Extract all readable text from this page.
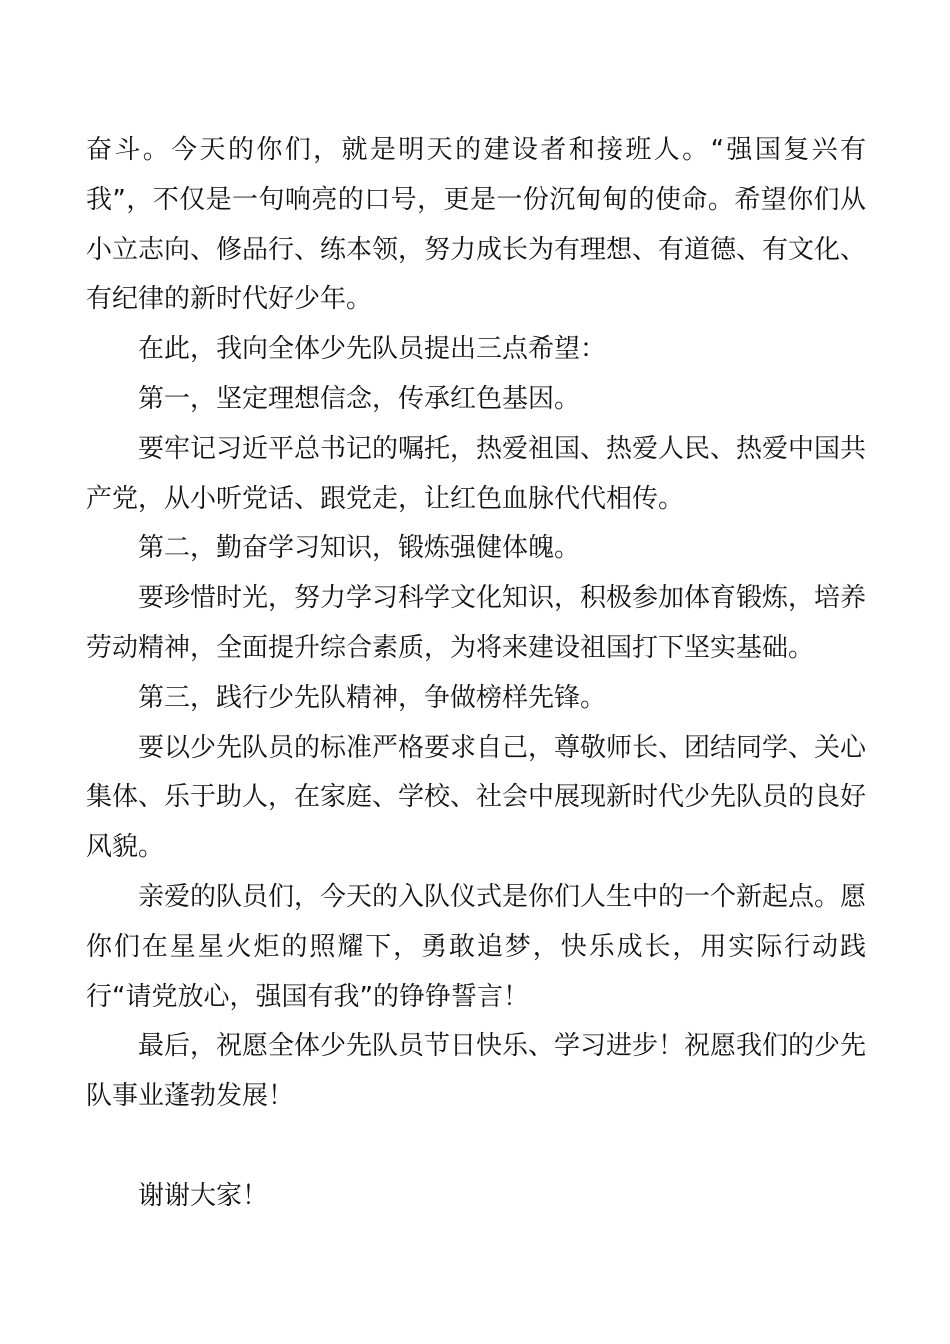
奋斗。今天的你们，就是明天的建设者和接班人。“强国复兴有我”，不仅是一句响亮的口号，更是一份沉甸甸的使命。希望你们从小立志向、修品行、练本领，努力成长为有理想、有道德、有文化、有纪律的新时代好少年。

在此，我向全体少先队员提出三点希望：

第一，坚定理想信念，传承红色基因。

要牢记习近平总书记的嘱托，热爱祖国、热爱人民、热爱中国共产党，从小听党话、跟党走，让红色血脉代代相传。

第二，勤奋学习知识，锻炼强健体魄。

要珍惜时光，努力学习科学文化知识，积极参加体育锻炼，培养劳动精神，全面提升综合素质，为将来建设祖国打下坚实基础。

第三，践行少先队精神，争做榜样先锋。

要以少先队员的标准严格要求自己，尊敬师长、团结同学、关心集体、乐于助人，在家庭、学校、社会中展现新时代少先队员的良好风貌。

亲爱的队员们，今天的入队仪式是你们人生中的一个新起点。愿你们在星星火炬的照耀下，勇敢追梦，快乐成长，用实际行动践行“请党放心，强国有我”的铮铮誓言！

最后，祝愿全体少先队员节日快乐、学习进步！祝愿我们的少先队事业蓬勃发展！

谢谢大家！
